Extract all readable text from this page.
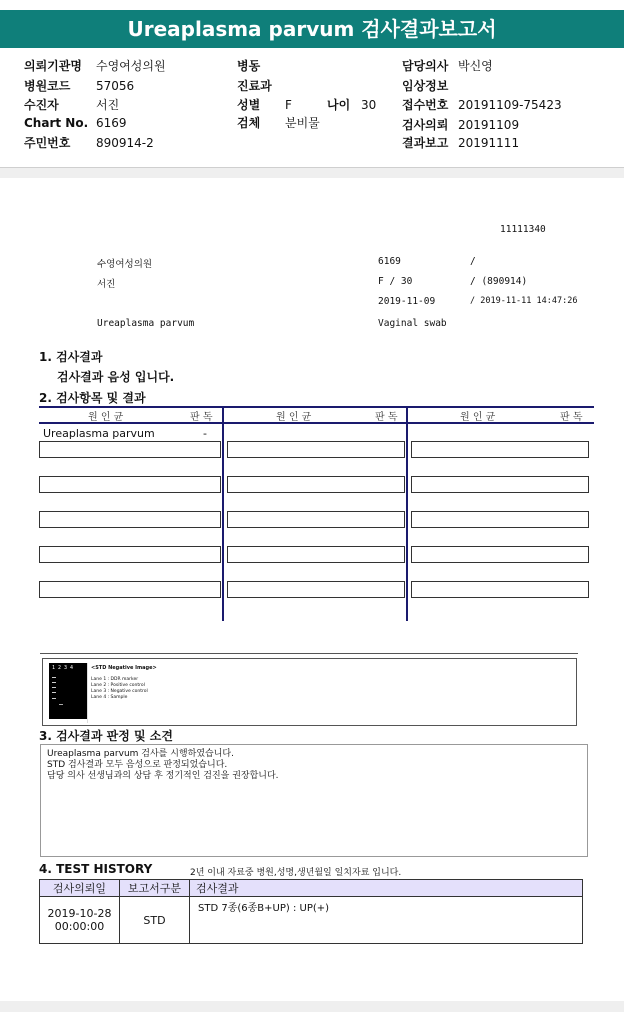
Ureaplasma parvum 검사결과보고서
의뢰기관명 수영여성의원
병원코드 57056
수진자	서진
Chart No. 6169
주민번호 890914-2
병동
진료과
성별 F	나이 30
검체 분비물
담당의사 박신영
임상정보
접수번호 20191109-75423
검사의뢰 20191109
결과보고 20191111
11111340
수영여성의원	6169	/
서진	F / 30	/ (890914)
2019-11-09	/ 2019-11-11 14:47:26
Ureaplasma parvum	Vaginal swab
1. 검사결과
검사결과 음성 입니다.
2. 검사항목 및 결과
원 인 균	판 독	원 인 균	판 독	원 인 균	판 독
Ureaplasma parvum	-
1 2 3 4	<STD Negative Image>
Lane 1 : DDR marker
Lane 2 : Positive control
Lane 3 : Negative control
Lane 4 : Sample
3. 검사결과 판정 및 소견
Ureaplasma parvum 검사를 시행하였습니다.
STD 검사결과 모두 음성으로 판정되었습니다.
담당 의사 선생님과의 상담 후 정기적인 검진을 권장합니다.
4. TEST HISTORY	2년 이내 자료중 병원,성명,생년월일 일치자료 입니다.
검사의뢰일	보고서구분	검사결과

2019-10-28
00:00:00	STD	STD 7종(6종B+UP) : UP(+)
